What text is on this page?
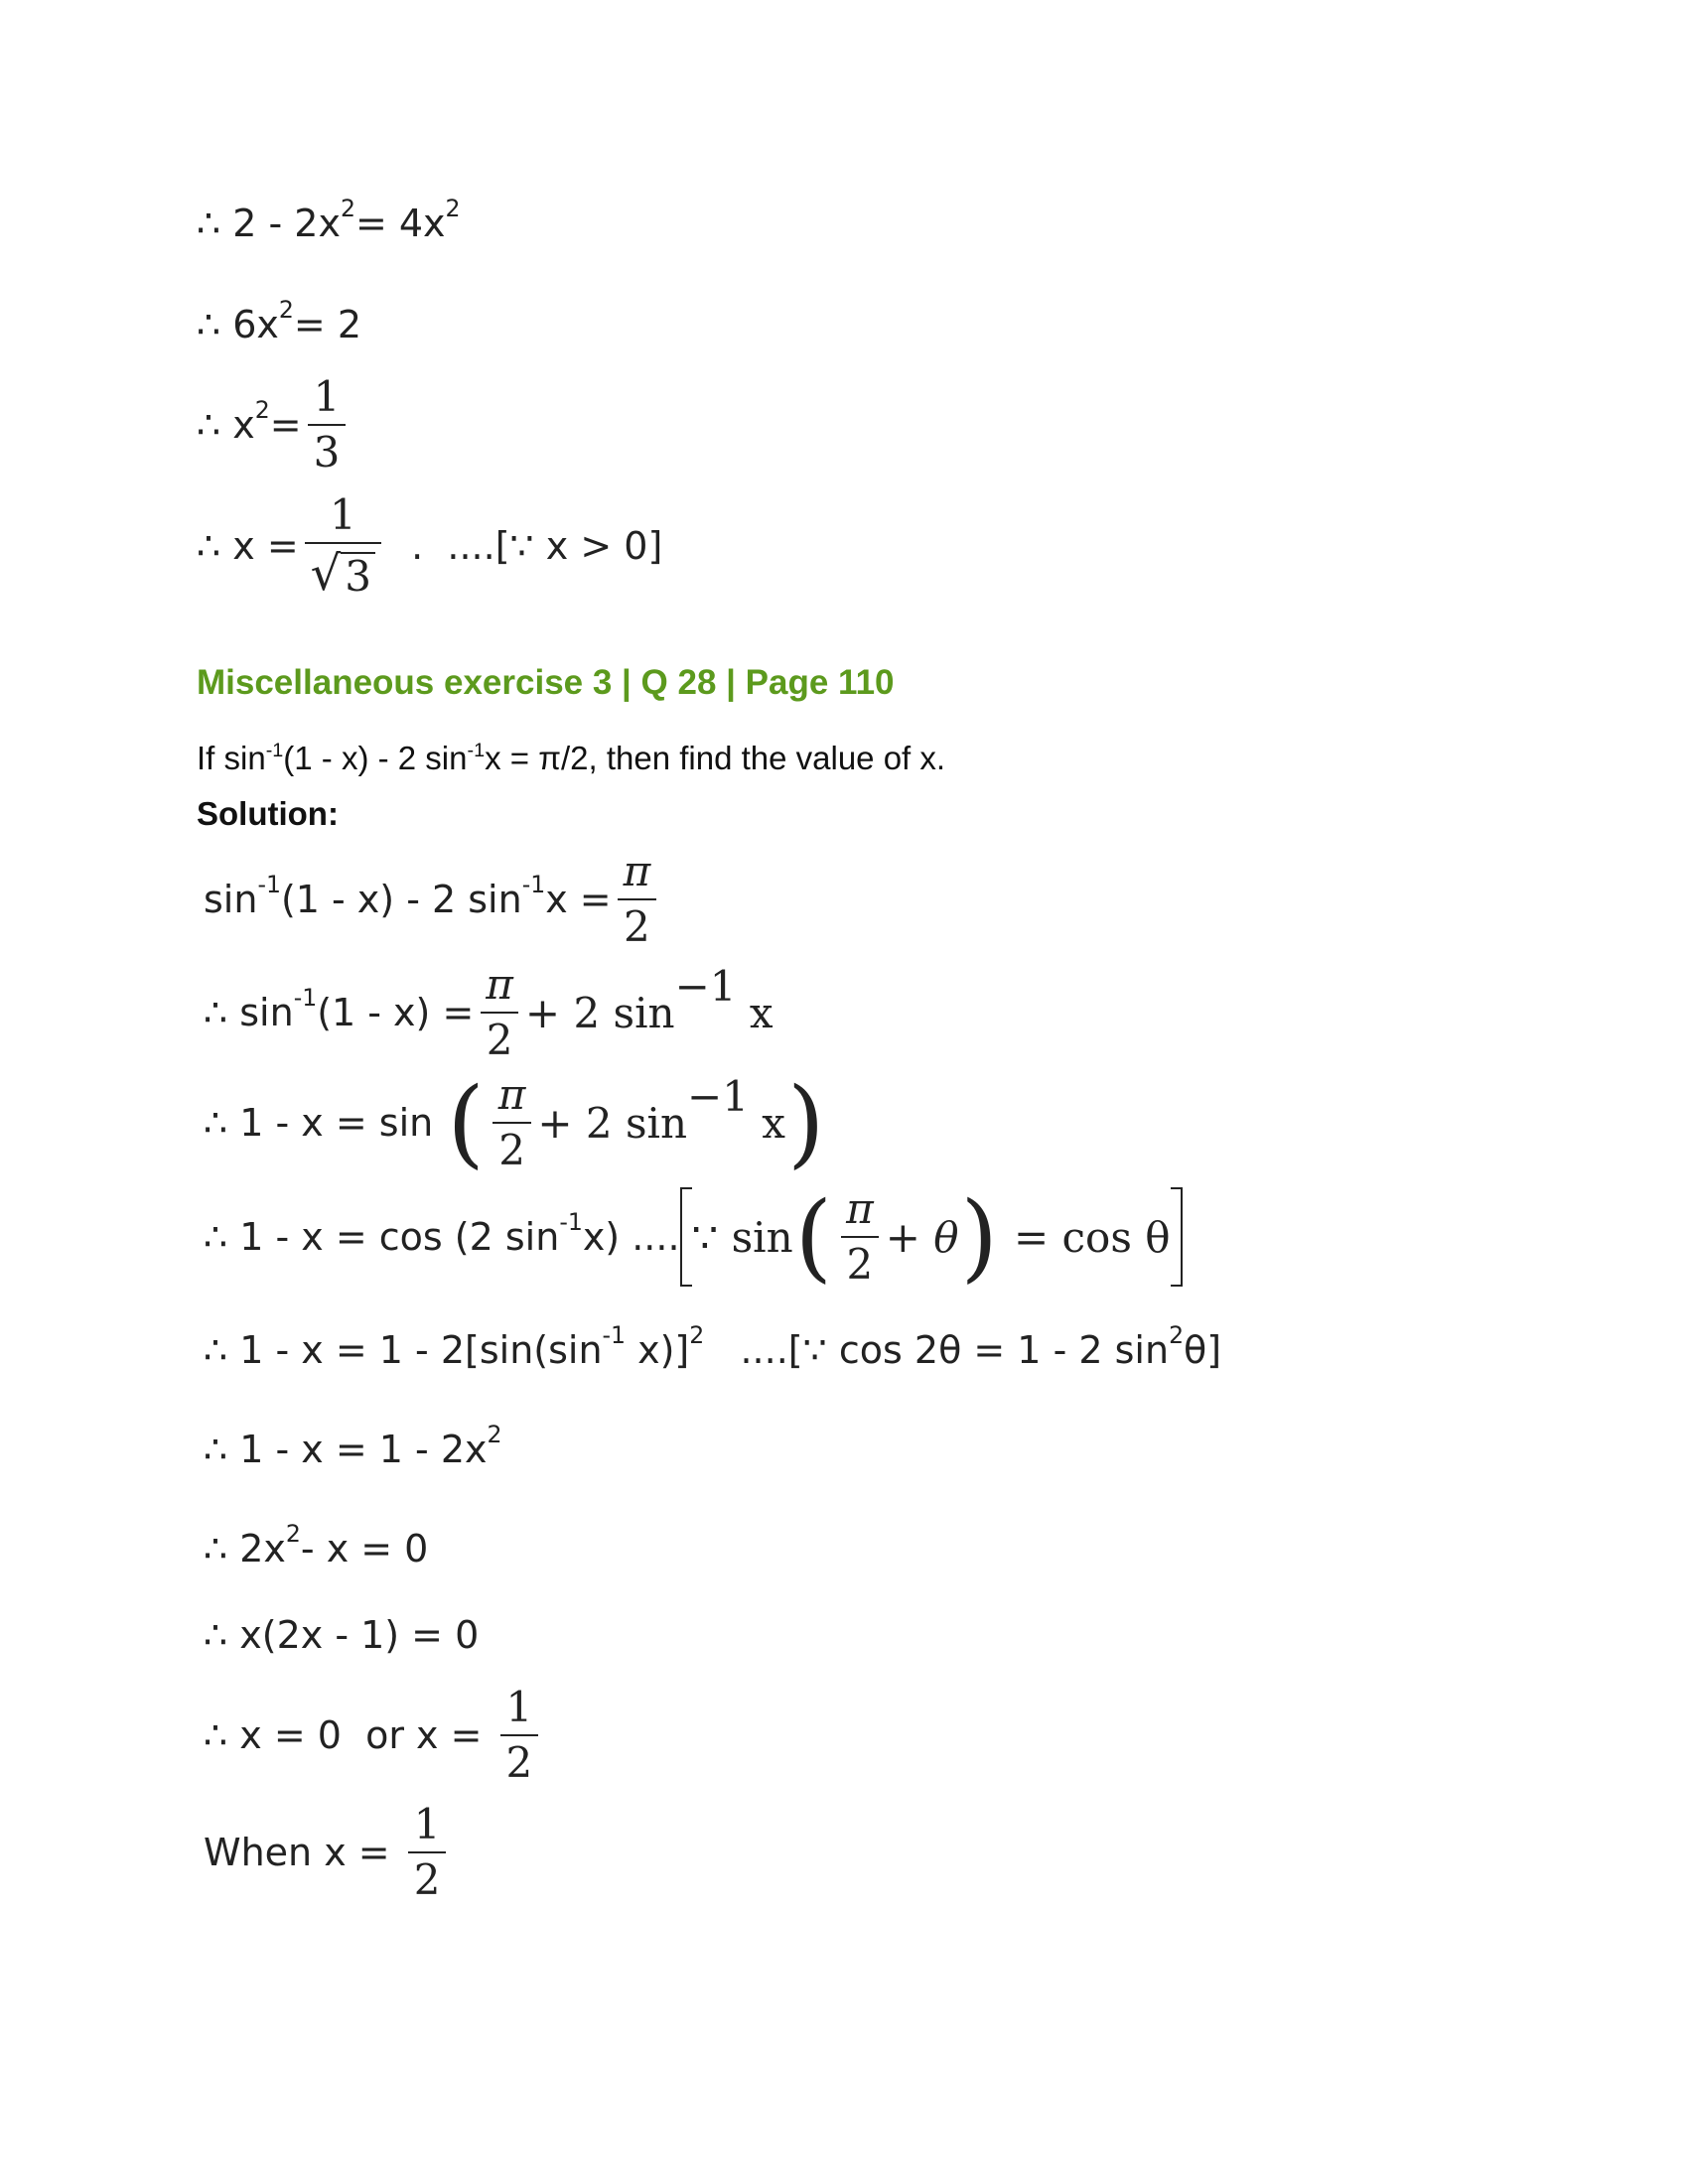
∴ 2 - 2x 2 = 4x 2
∴ 6x 2 = 2
∴ x $2 = \frac{1}{3}$
∴ $x = \frac{1}{√ 3}$ .  ....[∵ x > 0]
Miscellaneous exercise 3 | Q 28 | Page 110
If $\sin^{-1}(1 - x) - 2$ $\sin^{-1}x = \pi/2$, then find the value of x.
Solution:
sin -1 (1 - x) - 2 sin -1 $x = \frac{\pi}{2}$
∴ sin -1 $(1 - x) = \frac{\pi}{2} + 2$ sin
−1
x
∴ 1 - x = sin ( $\frac{\pi}{2} + 2$ sin
−1
x )
∴ 1 - x = cos (2 sin -1 x) .... ∵ sin ( $\frac{\pi}{2} + \theta$ ) = cos θ
∴ 1 - x = 1 - 2[sin(sin -1 x)] 2 ....[∵ cos 2θ = 1 - 2 sin 2 θ]
∴ 1 - x = 1 - 2x 2
∴ 2x 2 - x = 0
∴ x(2x - 1) = 0
∴ x = 0  or $x = \frac{1}{2}$
When $x = \frac{1}{2}$
